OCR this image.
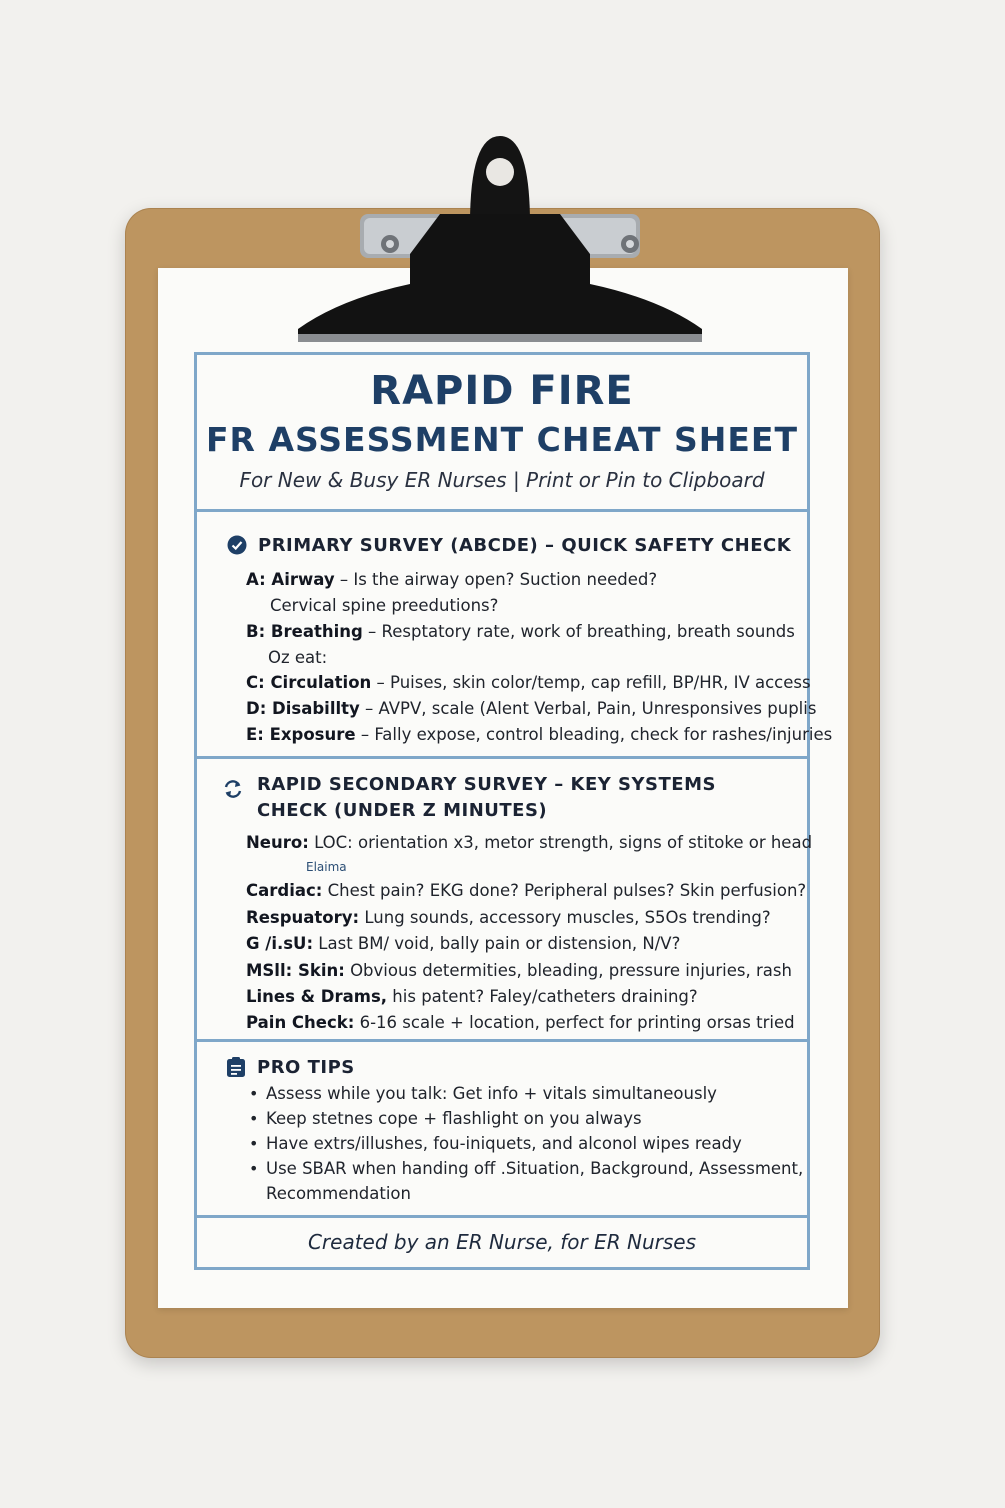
RAPID FIRE
FR ASSESSMENT CHEAT SHEET
For New & Busy ER Nurses | Print or Pin to Clipboard
PRIMARY SURVEY (ABCDE) – QUICK SAFETY CHECK
A: Airway – Is the airway open? Suction needed?
Cervical spine preedutions?
B: Breathing – Resptatory rate, work of breathing, breath sounds
Oz eat:
C: Circulation – Puises, skin color/temp, cap refill, BP/HR, IV access
D: Disabillty – AVPV, scale (Alent Verbal, Pain, Unresponsives puplis
E: Exposure – Fally expose, control bleading, check for rashes/injuries
RAPID SECONDARY SURVEY – KEY SYSTEMS
CHECK (UNDER Z MINUTES)
Neuro: LOC: orientation x3, metor strength, signs of stitoke or head
Elaima
Cardiac: Chest pain? EKG done? Peripheral pulses? Skin perfusion?
Respuatory: Lung sounds, accessory muscles, S5Os trending?
G /i.sU: Last BM/ void, bally pain or distension, N/V?
MSll: Skin: Obvious determities, bleading, pressure injuries, rash
Lines & Drams, his patent? Faley/catheters draining?
Pain Check: 6-16 scale + location, perfect for printing orsas tried
PRO TIPS
• Assess while you talk: Get info + vitals simultaneously
• Keep stetnes cope + flashlight on you always
• Have extrs/illushes, fou-iniquets, and alconol wipes ready
• Use SBAR when handing off .Situation, Background, Assessment,
Recommendation
Created by an ER Nurse, for ER Nurses
